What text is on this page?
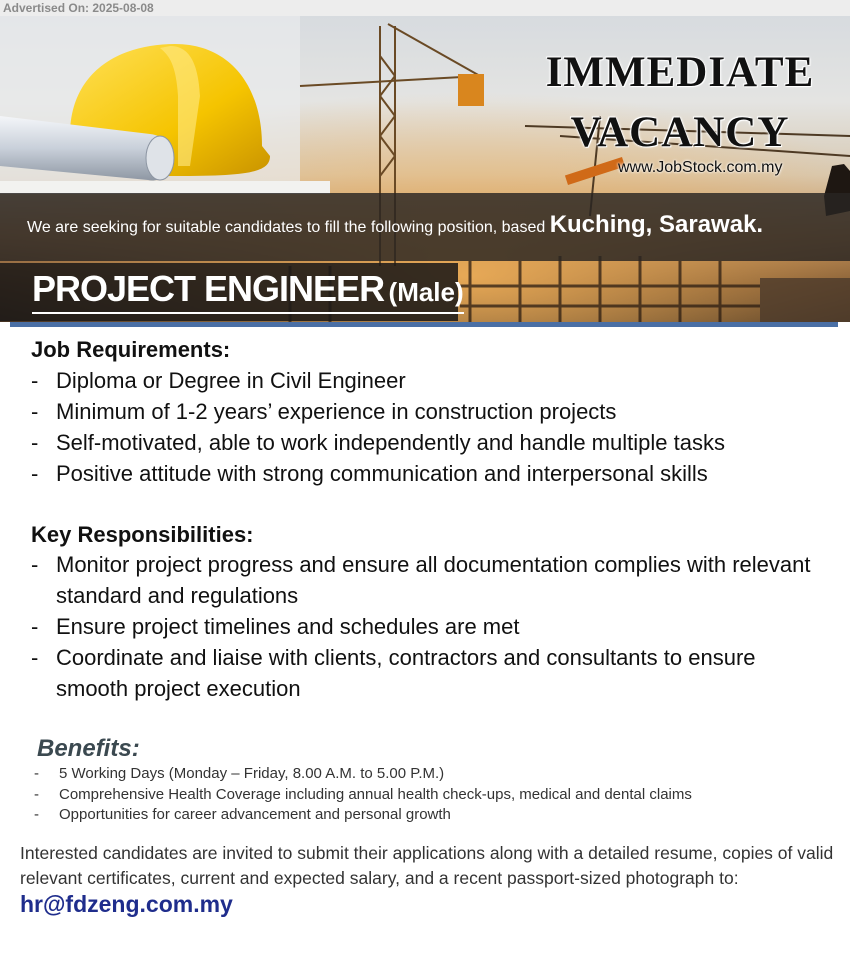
Advertised On: 2025-08-08
IMMEDIATE
VACANCY
www.JobStock.com.my
We are seeking for suitable candidates to fill the following position, based Kuching, Sarawak.
PROJECT ENGINEER (Male)
Job Requirements:
- Diploma or Degree in Civil Engineer
- Minimum of 1-2 years’ experience in construction projects
- Self-motivated, able to work independently and handle multiple tasks
- Positive attitude with strong communication and interpersonal skills
Key Responsibilities:
- Monitor project progress and ensure all documentation complies with relevant standard and regulations
- Ensure project timelines and schedules are met
- Coordinate and liaise with clients, contractors and consultants to ensure smooth project execution
Benefits:
- 5 Working Days (Monday – Friday, 8.00 A.M. to 5.00 P.M.)
- Comprehensive Health Coverage including annual health check-ups, medical and dental claims
- Opportunities for career advancement and personal growth
Interested candidates are invited to submit their applications along with a detailed resume, copies of valid relevant certificates, current and expected salary, and a recent passport-sized photograph to:
hr@fdzeng.com.my
